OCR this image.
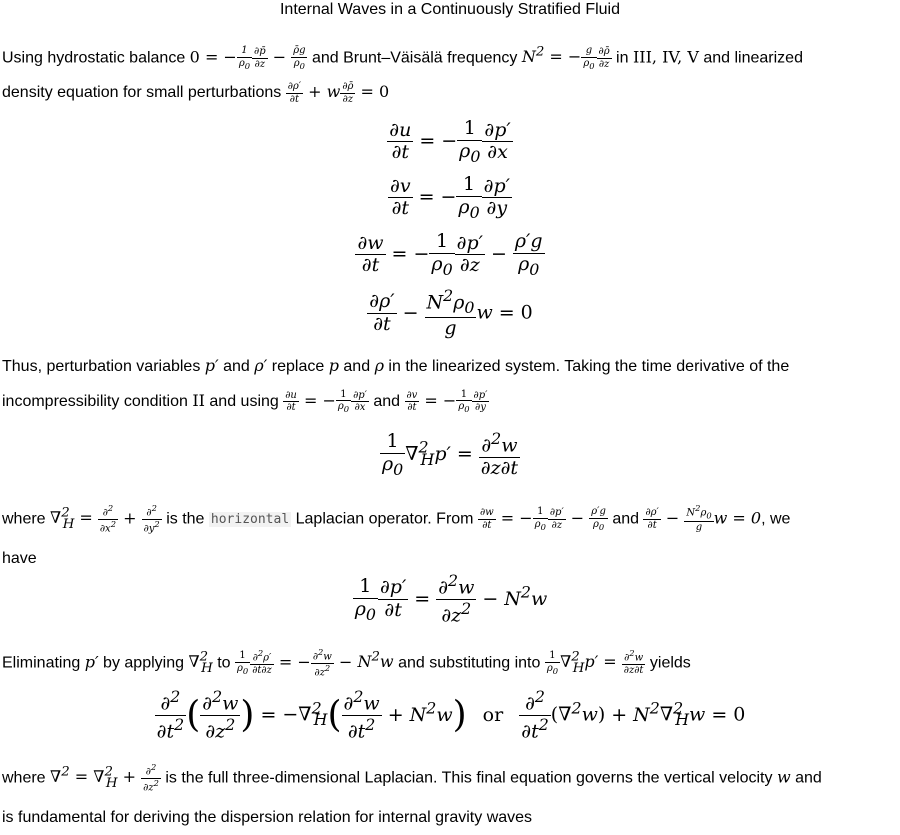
Internal Waves in a Continuously Stratified Fluid
Using hydrostatic balance 0 = − $\frac{1}{\rho_0} \frac{\partial p̄}{\partial z} - \frac{\rhōg}{\rho_0}$ and Brunt–Väisälä frequency $N^2$ = − $\frac{g}{\rho_0} \frac{\partial\rhō}{\partial z}$ in III, IV, V and linearized
density equation for small perturbations $\frac{\partial\rho'}{\partial t} + w \frac{\partial\rhō}{\partial z} = 0$
$\frac{\partial u}{\partial t}$ = − $\frac{1}{\rho_0} \frac{\partial p'}{\partial x}$
$\frac{\partial v}{\partial t}$ = − $\frac{1}{\rho_0} \frac{\partial p'}{\partial y}$
$\frac{\partial w}{\partial t}$ = − $\frac{1}{\rho_0} \frac{\partial p'}{\partial z} - \frac{\rho'g}{\rho_0}$
$\frac{\partial\rho'}{\partial t} - \frac{N^2\rho_0}{g}$ w = 0
Thus, perturbation variables p′ and ρ′ replace p and ρ in the linearized system. Taking the time derivative of the
incompressibility condition II and using $\frac{\partial u}{\partial t}$ = − $\frac{1}{\rho_0} \frac{\partial p'}{\partial x}$ and $\frac{\partial v}{\partial t}$ = − $\frac{1}{\rho_0} \frac{\partial p'}{\partial y}$
$\frac{1}{\rho_0} \nabla^2_Hp' = \frac{\partial^2w}{\partial z\partial t}$
where $\nabla^2_H = \frac{\partial^2}{\partial x^2} + \frac{\partial^2}{\partial y^2}$ is the horizontal Laplacian operator. From $\frac{\partial w}{\partial t}$ = − $\frac{1}{\rho_0} \frac{\partial p'}{\partial z} - \frac{\rho'g}{\rho_0}$ and $\frac{\partial\rho'}{\partial t} - \frac{N^2\rho_0}{g}$ w = 0, we
have
$\frac{1}{\rho_0} \frac{\partial p'}{\partial t} = \frac{\partial^2w}{\partial z^2} - N^2w$
Eliminating p′ by applying ∇$^2_H$ to $\frac{1}{\rho_0} \frac{\partial^2\rho'}{\partial t\partial z}$ = − $\frac{\partial^2w}{\partial z^2} - N^2w$ and substituting into $\frac{1}{\rho_0} \nabla^2_Hp' = \frac{\partial^2w}{\partial z\partial t}$ yields
$\frac{\partial^2}{\partial t^2}$ ( $\frac{\partial^2w}{\partial z^2}$ ) = $-\nabla^2_H( \frac{\partial^2w}{\partial t^2} + N^2w)$ or $\frac{\partial^2}{\partial t^2} (\nabla^2w) + N^2\nabla^2_Hw = 0$
where $\nabla^2 = \nabla^2_H + \frac{\partial^2}{\partial z^2}$ is the full three-dimensional Laplacian. This final equation governs the vertical velocity w and
is fundamental for deriving the dispersion relation for internal gravity waves
